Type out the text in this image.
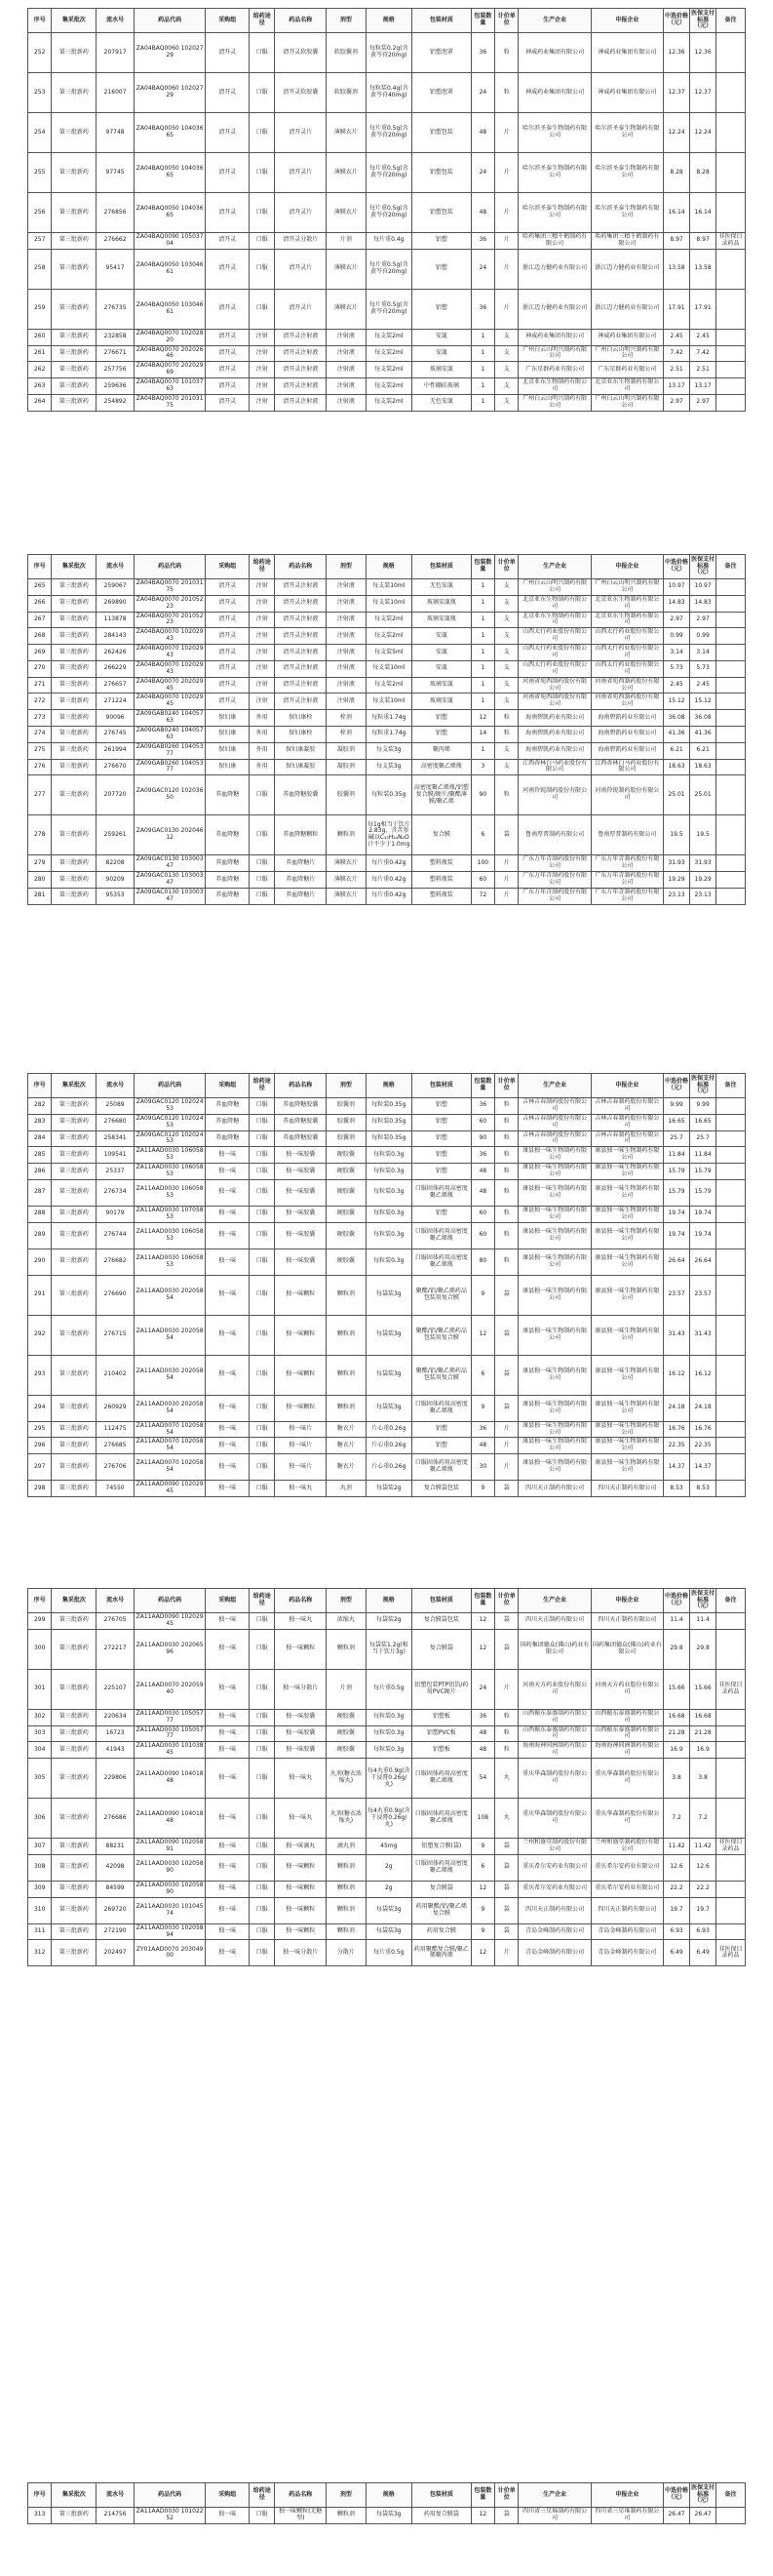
序号	集采批次	流水号	药品代码	采购组	给药途径	药品名称	剂型	规格	包装材质	包装数量	计价单位	生产企业	申报企业	中选价格（元）	医保支付标准（元）	备注
252	第三批新药	207917	ZA04BAQ0060 10202729	清开灵	口服	清开灵软胶囊	软胶囊剂	每粒装0.2g(含黄芩苷20mg)	铝塑泡罩	36	粒	神威药业集团有限公司	神威药业集团有限公司	12.36	12.36	
253	第三批新药	216007	ZA04BAQ0060 10202729	清开灵	口服	清开灵软胶囊	软胶囊剂	每粒装0.4g(含黄芩苷40mg)	铝塑泡罩	24	粒	神威药业集团有限公司	神威药业集团有限公司	12.37	12.37	
254	第三批新药	97748	ZA04BAQ0050 10403665	清开灵	口服	清开灵片	薄膜衣片	每片重0.5g(含黄芩苷20mg)	铝塑包装	48	片	哈尔滨圣泰生物制药有限公司	哈尔滨圣泰生物制药有限公司	12.24	12.24	
255	第三批新药	97745	ZA04BAQ0050 10403665	清开灵	口服	清开灵片	薄膜衣片	每片重0.5g(含黄芩苷20mg)	铝塑包装	24	片	哈尔滨圣泰生物制药有限公司	哈尔滨圣泰生物制药有限公司	8.28	8.28	
256	第三批新药	276856	ZA04BAQ0050 10403665	清开灵	口服	清开灵片	薄膜衣片	每片重0.5g(含黄芩苷20mg)	铝塑包装	48	片	哈尔滨圣泰生物制药有限公司	哈尔滨圣泰生物制药有限公司	16.14	16.14	
257	第三批新药	276662	ZA04BAQ0090 10503704	清开灵	口服	清开灵分散片	片剂	每片重0.4g	铝塑	36	片	哈药集团三精千鹤制药有限公司	哈药集团三精千鹤制药有限公司	8.97	8.97	非医保目录药品
258	第三批新药	95417	ZA04BAQ0050 10304661	清开灵	口服	清开灵片	薄膜衣片	每片重0.5g(含黄芩苷20mg)	铝塑	24	片	浙江迈力健药业有限公司	浙江迈力健药业有限公司	13.58	13.58	
259	第三批新药	276735	ZA04BAQ0050 10304661	清开灵	口服	清开灵片	薄膜衣片	每片重0.5g(含黄芩苷20mg)	铝塑	36	片	浙江迈力健药业有限公司	浙江迈力健药业有限公司	17.91	17.91	
260	第三批新药	232858	ZA04BAQ0070 10202820	清开灵	注射	清开灵注射液	注射液	每支装2ml	安瓿	1	支	神威药业集团有限公司	神威药业集团有限公司	2.45	2.45	
261	第三批新药	276671	ZA04BAQ0070 20202646	清开灵	注射	清开灵注射液	注射液	每支装2ml	安瓿	1	支	广州白云山明兴制药有限公司	广州白云山明兴制药有限公司	7.42	7.42	
262	第三批新药	257756	ZA04BAQ0070 20202969	清开灵	注射	清开灵注射液	注射液	每支装2ml	玻璃安瓿	1	支	广东星群药业有限公司	广东星群药业有限公司	2.51	2.51	
263	第三批新药	259636	ZA04BAQ0070 10103763	清开灵	注射	清开灵注射液	注射液	每支装2ml	中性硼硅玻璃	1	支	北京亚东生物制药有限公司	北京亚东生物制药有限公司	13.17	13.17	
264	第三批新药	254892	ZA04BAQ0070 20103175	清开灵	注射	清开灵注射液	注射液	每支装2ml	无色安瓿	1	支	广州白云山明兴制药有限公司	广州白云山明兴制药有限公司	2.97	2.97	
序号	集采批次	流水号	药品代码	采购组	给药途径	药品名称	剂型	规格	包装材质	包装数量	计价单位	生产企业	申报企业	中选价格（元）	医保支付标准（元）	备注
265	第三批新药	259067	ZA04BAQ0070 20103175	清开灵	注射	清开灵注射液	注射液	每支装10ml	无色安瓿	1	支	广州白云山明兴制药有限公司	广州白云山明兴制药有限公司	10.97	10.97	
266	第三批新药	269890	ZA04BAQ0070 20105223	清开灵	注射	清开灵注射液	注射液	每支装10ml	玻璃安瓿瓶	1	支	北京亚东生物制药有限公司	北京亚东生物制药有限公司	14.83	14.83	
267	第三批新药	113878	ZA04BAQ0070 20105223	清开灵	注射	清开灵注射液	注射液	每支装2ml	玻璃安瓿瓶	1	支	北京亚东生物制药有限公司	北京亚东生物制药有限公司	2.97	2.97	
268	第三批新药	284143	ZA04BAQ0070 10202943	清开灵	注射	清开灵注射液	注射液	每支装2ml	安瓿	1	支	山西太行药业股份有限公司	山西太行药业股份有限公司	0.99	0.99	
269	第三批新药	262426	ZA04BAQ0070 10202943	清开灵	注射	清开灵注射液	注射液	每支装5ml	安瓿	1	支	山西太行药业股份有限公司	山西太行药业股份有限公司	3.14	3.14	
270	第三批新药	266229	ZA04BAQ0070 10202943	清开灵	注射	清开灵注射液	注射液	每支装10ml	安瓿	1	支	山西太行药业股份有限公司	山西太行药业股份有限公司	5.73	5.73	
271	第三批新药	276657	ZA04BAQ0070 20202945	清开灵	注射	清开灵注射液	注射液	每支装2ml	玻璃安瓿	1	支	河南省宛西制药股份有限公司	河南省宛西制药股份有限公司	2.45	2.45	
272	第三批新药	271224	ZA04BAQ0070 10202945	清开灵	注射	清开灵注射液	注射液	每支装10ml	玻璃安瓿	1	支	河南省宛西制药股份有限公司	河南省宛西制药股份有限公司	15.12	15.12	
273	第三批新药	90096	ZA09GAB0240 10405763	保妇康	外用	保妇康栓	栓剂	每粒重1.74g	铝塑	12	粒	海南碧凯药业有限公司	海南碧凯药业有限公司	36.08	36.08	
274	第三批新药	276745	ZA09GAB0240 10405763	保妇康	外用	保妇康栓	栓剂	每粒重1.74g	铝塑	14	粒	海南碧凯药业有限公司	海南碧凯药业有限公司	41.36	41.36	
275	第三批新药	261994	ZA09GAB0260 10405377	保妇康	外用	保妇康凝胶	凝胶剂	每支装3g	聚丙烯	1	支	海南碧凯药业有限公司	海南碧凯药业有限公司	6.21	6.21	
276	第三批新药	276670	ZA09GAB0260 10405377	保妇康	外用	保妇康凝胶	凝胶剂	每支装3g	高密度聚乙烯瓶	3	支	江西杏林白马药业股份有限公司	江西杏林白马药业股份有限公司	18.63	18.63	
277	第三批新药	207720	ZA09GAC0120 10203650	养血降糖	口服	养血降糖胶囊	胶囊剂	每粒装0.35g	高密度聚乙烯瓶/铝塑复合膜/硬片/聚酯薄膜/聚乙烯	90	粒	河南羚锐制药股份有限公司	河南羚锐制药股份有限公司	25.01	25.01	
278	第三批新药	259261	ZA09GAC0130 20204612	养血降糖	口服	养血降糖颗粒	颗粒剂	每1g相当于饮片2.83g，含苦参碱以C₁₅H₂₄N₂O计不少于1.0mg	复合膜	6	袋	鲁南厚普制药有限公司	鲁南厚普制药有限公司	19.5	19.5	
279	第三批新药	82208	ZA09GAC0130 10300347	养血降糖	口服	养血降糖片	薄膜衣片	每片重0.42g	塑料瓶装	100	片	广东万年青制药股份有限公司	广东万年青制药股份有限公司	31.93	31.93	
280	第三批新药	90209	ZA09GAC0130 10300347	养血降糖	口服	养血降糖片	薄膜衣片	每片重0.42g	塑料瓶装	60	片	广东万年青制药股份有限公司	广东万年青制药股份有限公司	19.29	19.29	
281	第三批新药	95353	ZA09GAC0130 10300347	养血降糖	口服	养血降糖片	薄膜衣片	每片重0.42g	塑料瓶装	72	片	广东万年青制药股份有限公司	广东万年青制药股份有限公司	23.13	23.13	
序号	集采批次	流水号	药品代码	采购组	给药途径	药品名称	剂型	规格	包装材质	包装数量	计价单位	生产企业	申报企业	中选价格（元）	医保支付标准（元）	备注
282	第三批新药	25089	ZA09GAC0120 10202453	养血降糖	口服	养血降糖胶囊	胶囊剂	每粒装0.35g	铝塑	36	粒	吉林吉春制药股份有限公司	吉林吉春制药股份有限公司	9.99	9.99	
283	第三批新药	276680	ZA09GAC0120 10202453	养血降糖	口服	养血降糖胶囊	胶囊剂	每粒装0.35g	铝塑	60	粒	吉林吉春制药股份有限公司	吉林吉春制药股份有限公司	16.65	16.65	
284	第三批新药	258341	ZA09GAC0120 10202453	养血降糖	口服	养血降糖胶囊	胶囊剂	每粒装0.35g	铝塑	90	粒	吉林吉春制药股份有限公司	吉林吉春制药股份有限公司	25.7	25.7	
285	第三批新药	109541	ZA11AAD0030 10605853	独一味	口服	独一味胶囊	硬胶囊	每粒装0.3g	铝塑	36	粒	康县独一味生物制药有限公司	康县独一味生物制药有限公司	11.84	11.84	
286	第三批新药	25337	ZA11AAD0030 10605853	独一味	口服	独一味胶囊	硬胶囊	每粒装0.3g	铝塑	48	粒	康县独一味生物制药有限公司	康县独一味生物制药有限公司	15.79	15.79	
287	第三批新药	276734	ZA11AAD0030 10605853	独一味	口服	独一味胶囊	硬胶囊	每粒装0.3g	口服固体药用高密度聚乙烯瓶	48	粒	康县独一味生物制药有限公司	康县独一味生物制药有限公司	15.79	15.79	
288	第三批新药	90179	ZA11AAD0030 10705853	独一味	口服	独一味胶囊	硬胶囊	每粒装0.3g	铝塑	60	粒	康县独一味生物制药有限公司	康县独一味生物制药有限公司	19.74	19.74	
289	第三批新药	276744	ZA11AAD0030 10605853	独一味	口服	独一味胶囊	硬胶囊	每粒装0.3g	口服固体药用高密度聚乙烯瓶	60	粒	康县独一味生物制药有限公司	康县独一味生物制药有限公司	19.74	19.74	
290	第三批新药	276682	ZA11AAD0030 10605853	独一味	口服	独一味胶囊	硬胶囊	每粒装0.3g	口服固体药用高密度聚乙烯瓶	80	粒	康县独一味生物制药有限公司	康县独一味生物制药有限公司	26.64	26.64	
291	第三批新药	276690	ZA11AAD0030 20205854	独一味	口服	独一味颗粒	颗粒剂	每袋装3g	聚酯/铝/聚乙烯药品包装用复合膜	9	袋	康县独一味生物制药有限公司	康县独一味生物制药有限公司	23.57	23.57	
292	第三批新药	276715	ZA11AAD0030 20205854	独一味	口服	独一味颗粒	颗粒剂	每袋装3g	聚酯/铝/聚乙烯药品包装用复合膜	12	袋	康县独一味生物制药有限公司	康县独一味生物制药有限公司	31.43	31.43	
293	第三批新药	210402	ZA11AAD0030 20205854	独一味	口服	独一味颗粒	颗粒剂	每袋装3g	聚酯/铝/聚乙烯药品包装用复合膜	6	袋	康县独一味生物制药有限公司	康县独一味生物制药有限公司	16.12	16.12	
294	第三批新药	260929	ZA11AAD0030 20205854	独一味	口服	独一味颗粒	颗粒剂	每袋装3g	口服固体药用高密度聚乙烯瓶	9	袋	康县独一味生物制药有限公司	康县独一味生物制药有限公司	24.18	24.18	
295	第三批新药	112475	ZA11AAD0070 10205854	独一味	口服	独一味片	糖衣片	片心重0.26g	铝塑	36	片	康县独一味生物制药有限公司	康县独一味生物制药有限公司	16.76	16.76	
296	第三批新药	276685	ZA11AAD0070 10205854	独一味	口服	独一味片	糖衣片	片心重0.26g	铝塑	48	片	康县独一味生物制药有限公司	康县独一味生物制药有限公司	22.35	22.35	
297	第三批新药	276706	ZA11AAD0070 10205854	独一味	口服	独一味片	糖衣片	片心重0.26g	口服固体药用高密度聚乙烯瓶	30	片	康县独一味生物制药有限公司	康县独一味生物制药有限公司	14.37	14.37	
298	第三批新药	74550	ZA11AAD0090 10202945	独一味	口服	独一味丸	丸剂	每袋装2g	复合膜袋包装	9	袋	四川天正制药有限公司	四川天正制药有限公司	8.53	8.53	
序号	集采批次	流水号	药品代码	采购组	给药途径	药品名称	剂型	规格	包装材质	包装数量	计价单位	生产企业	申报企业	中选价格（元）	医保支付标准（元）	备注
299	第三批新药	276705	ZA11AAD0090 10202945	独一味	口服	独一味丸	浓缩丸	每袋装2g	复合膜袋包装	12	袋	四川天正制药有限公司	四川天正制药有限公司	11.4	11.4	
300	第三批新药	272217	ZA11AAD0030 20206596	独一味	口服	独一味颗粒	颗粒剂	每袋装1.2g(相当于饮片3g)	复合膜袋	12	袋	国药集团德众(佛山)药业有限公司	国药集团德众(佛山)药业有限公司	29.8	29.8	
301	第三批新药	225107	ZA11AAD0070 20205940	独一味	口服	独一味分散片	片剂	每片重0.5g	铝塑包装PTP铝箔/药用PVC硬片	24	片	河南天方药业股份有限公司	河南天方药业股份有限公司	15.66	15.66	非医保目录药品
302	第三批新药	220634	ZA11AAD0030 10505777	独一味	口服	独一味胶囊	硬胶囊	每粒装0.3g	铝塑板	36	粒	山西振东泰盛制药有限公司	山西振东泰盛制药有限公司	16.68	16.68	
303	第三批新药	16723	ZA11AAD0030 10505777	独一味	口服	独一味胶囊	硬胶囊	每粒装0.3g	铝塑PVC板	48	粒	山西振东泰盛制药有限公司	山西振东泰盛制药有限公司	21.28	21.28	
304	第三批新药	41943	ZA11AAD0030 10103845	独一味	口服	独一味胶囊	硬胶囊	每粒装0.3g	铝塑板	48	粒	海南海神同洲制药有限公司	海南海神同洲制药有限公司	16.9	16.9	
305	第三批新药	229806	ZA11AAD0090 10401848	独一味	口服	独一味丸	丸剂(糖衣浓缩丸)	每4丸重0.9g(含干浸膏0.26g/丸)	口服固体药用高密度聚乙烯瓶	54	丸	重庆华森制药股份有限公司	重庆华森制药股份有限公司	3.8	3.8	
306	第三批新药	276686	ZA11AAD0090 10401848	独一味	口服	独一味丸	丸剂(糖衣浓缩丸)	每4丸重0.9g(含干浸膏0.26g/丸)	口服固体药用高密度聚乙烯瓶	108	丸	重庆华森制药股份有限公司	重庆华森制药股份有限公司	7.2	7.2	
307	第三批新药	88231	ZA11AAD0090 10205891	独一味	口服	独一味滴丸	滴丸剂	45mg	铝塑复合膜(袋)	9	袋	兰州和盛堂制药股份有限公司	兰州和盛堂制药股份有限公司	11.42	11.42	非医保目录药品
308	第三批新药	42098	ZA11AAD0030 10205890	独一味	口服	独一味颗粒	颗粒剂	2g	口服固体药用高密度聚乙烯瓶	6	袋	重庆希尔安药业有限公司	重庆希尔安药业有限公司	12.6	12.6	
309	第三批新药	84599	ZA11AAD0030 10205890	独一味	口服	独一味颗粒	颗粒剂	2g	复合膜袋	12	袋	重庆希尔安药业有限公司	重庆希尔安药业有限公司	22.2	22.2	
310	第三批新药	269720	ZA11AAD0030 10104574	独一味	口服	独一味颗粒	颗粒剂	每袋装3g	药用聚酯/铝/聚乙烯复合膜	9	袋	四川天正制药有限公司	四川天正制药有限公司	19.7	19.7	
311	第三批新药	272190	ZA11AAD0030 10205894	独一味	口服	独一味颗粒	颗粒剂	每袋装3g	药用复合膜	9	袋	青岛金峰制药有限公司	青岛金峰制药有限公司	6.93	6.93	
312	第三批新药	202497	ZY01AAD0070 20304900	独一味	口服	独一味分散片	分散片	每片重0.5g	药用聚酯复合膜/聚乙烯聚丙烯	12	片	青岛金峰制药有限公司	青岛金峰制药有限公司	6.49	6.49	非医保目录药品
序号	集采批次	流水号	药品代码	采购组	给药途径	药品名称	剂型	规格	包装材质	包装数量	计价单位	生产企业	申报企业	中选价格（元）	医保支付标准（元）	备注
313	第三批新药	214756	ZA11AAD0030 10102252	独一味	口服	独一味颗粒(无糖型)	颗粒剂	每袋装3g	药用复合膜袋	12	袋	四川省三星堆制药有限公司	四川省三星堆制药有限公司	26.47	26.47	
